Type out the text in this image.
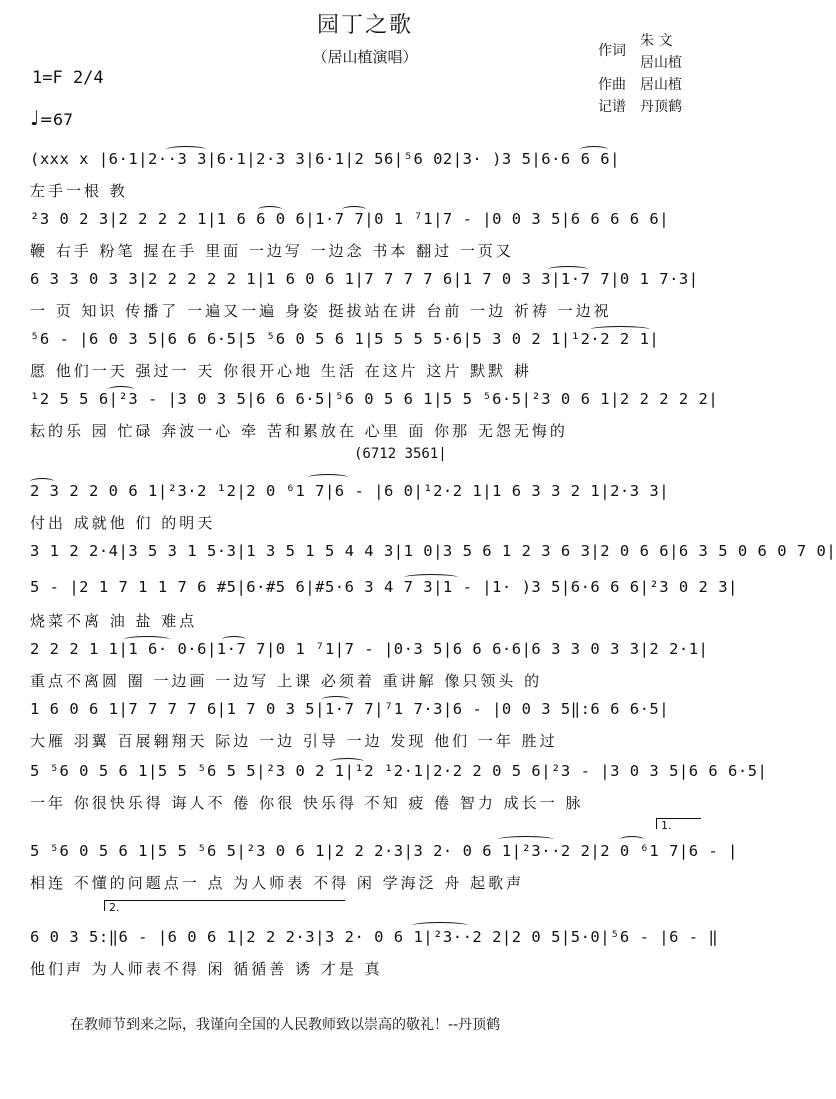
园丁之歌
（居山植演唱）
1=F 2/4
♩=67
作词
朱 文
居山植
作曲 居山植
记谱 丹顶鹤
(xxx x |6·1|2··3 3|6·1|2·3 3|6·1|2 56|⁵6 02|3· )3 5|6·6 6 6|
左手一根 教
²3 0 2 3|2 2 2 2 1|1 6 6 0 6|1·7 7|0 1 ⁷1|7 - |0 0 3 5|6 6 6 6 6|
鞭 右手 粉笔 握在手 里面 一边写 一边念 书本 翻过 一页又
6 3 3 0 3 3|2 2 2 2 2 1|1 6 0 6 1|7 7 7 7 6|1 7 0 3 3|1·7 7|0 1 7·3|
一 页 知识 传播了 一遍又一遍 身姿 挺拔站在讲 台前 一边 祈祷 一边祝
⁵6 - |6 0 3 5|6 6 6·5|5 ⁵6 0 5 6 1|5 5 5 5·6|5 3 0 2 1|¹2·2 2 1|
愿 他们一天 强过一 天 你很开心地 生活 在这片 这片 默默 耕
¹2 5 5 6|²3 - |3 0 3 5|6 6 6·5|⁵6 0 5 6 1|5 5 ⁵6·5|²3 0 6 1|2 2 2 2 2|
耘的乐 园 忙碌 奔波一心 牵 苦和累放在 心里 面 你那 无怨无悔的
(6712 3561|
2 3 2 2 0 6 1|²3·2 ¹2|2 0 ⁶1 7|6 - |6 0|¹2·2 1|1 6 3 3 2 1|2·3 3|
付出 成就他 们 的明天
3 1 2 2·4|3 5 3 1 5·3|1 3 5 1 5 4 4 3|1 0|3 5 6 1 2 3 6 3|2 0 6 6|6 3 5 0 6 0 7 0|
5 - |2 1 7 1 1 7 6 #5|6·#5 6|#5·6 3 4 7 3|1 - |1· )3 5|6·6 6 6|²3 0 2 3|
烧菜不离 油 盐 难点
2 2 2 1 1|1 6· 0·6|1·7 7|0 1 ⁷1|7 - |0·3 5|6 6 6·6|6 3 3 0 3 3|2 2·1|
重点不离圆 圈 一边画 一边写 上课 必须着 重讲解 像只领头 的
1 6 0 6 1|7 7 7 7 6|1 7 0 3 5|1·7 7|⁷1 7·3|6 - |0 0 3 5‖:6 6 6·5|
大雁 羽翼 百展翱翔天 际边 一边 引导 一边 发现 他们 一年 胜过
5 ⁵6 0 5 6 1|5 5 ⁵6 5 5|²3 0 2 1|¹2 ¹2·1|2·2 2 0 5 6|²3 - |3 0 3 5|6 6 6·5|
一年 你很快乐得 诲人不 倦 你很 快乐得 不知 疲 倦 智力 成长一 脉
1.
5 ⁵6 0 5 6 1|5 5 ⁵6 5|²3 0 6 1|2 2 2·3|3 2· 0 6 1|²3··2 2|2 0 ⁶1 7|6 - |
相连 不懂的问题点一 点 为人师表 不得 闲 学海泛 舟 起歌声
2.
6 0 3 5:‖6 - |6 0 6 1|2 2 2·3|3 2· 0 6 1|²3··2 2|2 0 5|5·0|⁵6 - |6 - ‖
他们声 为人师表不得 闲 循循善 诱 才是 真
在教师节到来之际，我谨向全国的人民教师致以崇高的敬礼！--丹顶鹤
